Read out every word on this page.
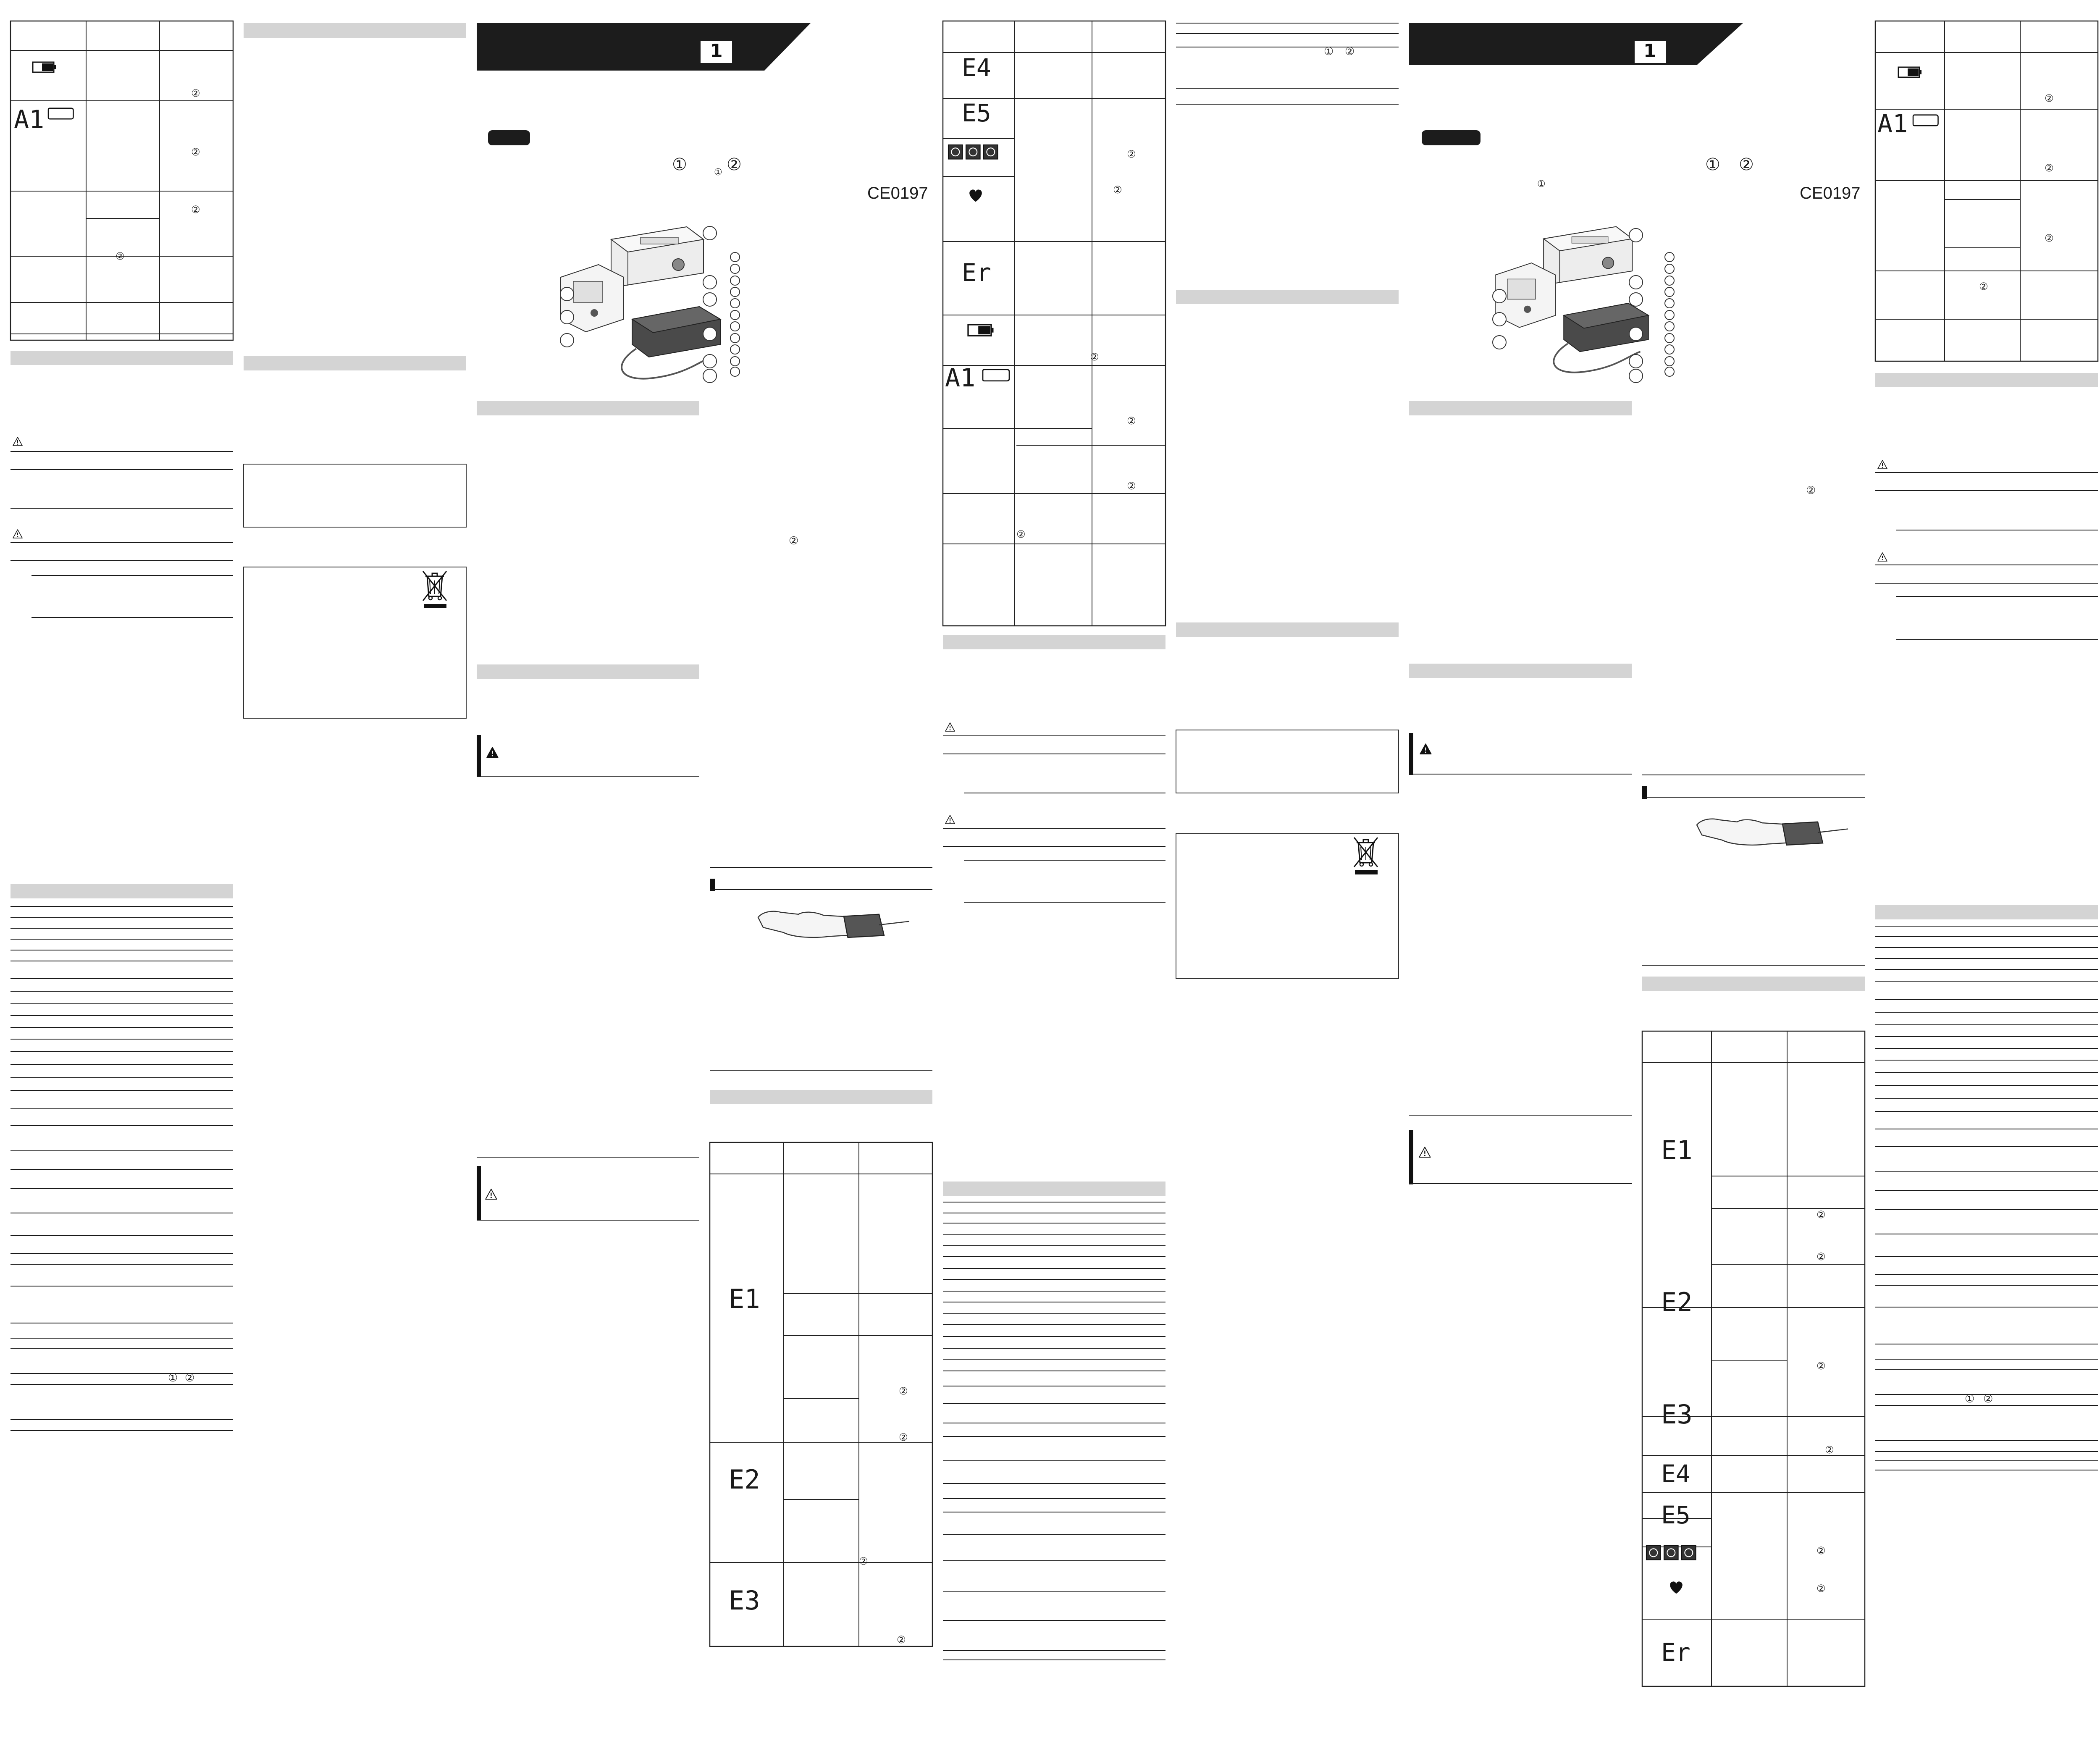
A1
②
②
②
②
① ②
1
① ②
①
CE0197
②
E1
E2
E3
②
②
②
②
E4
E5
Er
A1
②
②
②
②
②
②
① ②	1
① ②
①	CE0197
②
E1
E2
E3
E4
E5
Er
②
②
②
②
②
②
A1
②
②
②
②
① ②
